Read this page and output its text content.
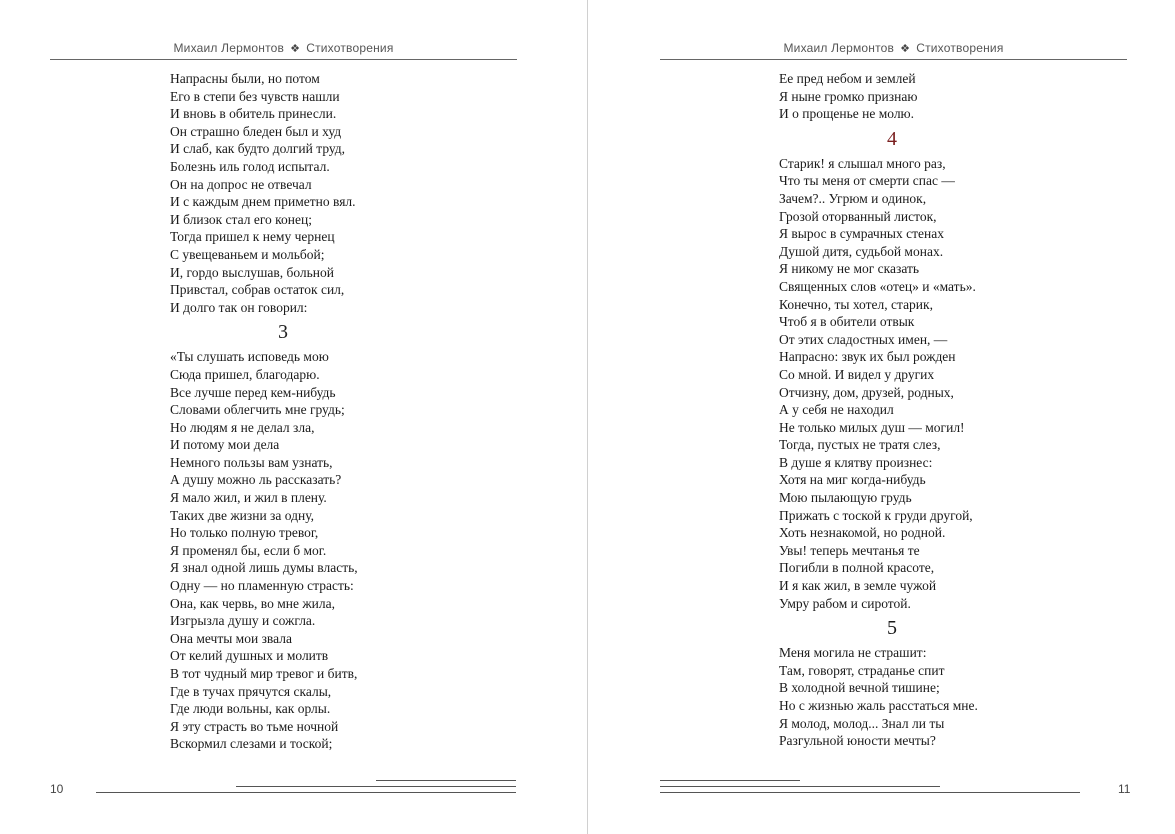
Михаил Лермонтов ❖ Стихотворения
Напрасны были, но потом
Его в степи без чувств нашли
И вновь в обитель принесли.
Он страшно бледен был и худ
И слаб, как будто долгий труд,
Болезнь иль голод испытал.
Он на допрос не отвечал
И с каждым днем приметно вял.
И близок стал его конец;
Тогда пришел к нему чернец
С увещеваньем и мольбой;
И, гордо выслушав, больной
Привстал, собрав остаток сил,
И долго так он говорил:
3
«Ты слушать исповедь мою
Сюда пришел, благодарю.
Все лучше перед кем-нибудь
Словами облегчить мне грудь;
Но людям я не делал зла,
И потому мои дела
Немного пользы вам узнать,
А душу можно ль рассказать?
Я мало жил, и жил в плену.
Таких две жизни за одну,
Но только полную тревог,
Я променял бы, если б мог.
Я знал одной лишь думы власть,
Одну — но пламенную страсть:
Она, как червь, во мне жила,
Изгрызла душу и сожгла.
Она мечты мои звала
От келий душных и молитв
В тот чудный мир тревог и битв,
Где в тучах прячутся скалы,
Где люди вольны, как орлы.
Я эту страсть во тьме ночной
Вскормил слезами и тоской;
10
Михаил Лермонтов ❖ Стихотворения
Ее пред небом и землей
Я ныне громко признаю
И о прощенье не молю.
4
Старик! я слышал много раз,
Что ты меня от смерти спас —
Зачем?.. Угрюм и одинок,
Грозой оторванный листок,
Я вырос в сумрачных стенах
Душой дитя, судьбой монах.
Я никому не мог сказать
Священных слов «отец» и «мать».
Конечно, ты хотел, старик,
Чтоб я в обители отвык
От этих сладостных имен, —
Напрасно: звук их был рожден
Со мной. И видел у других
Отчизну, дом, друзей, родных,
А у себя не находил
Не только милых душ — могил!
Тогда, пустых не тратя слез,
В душе я клятву произнес:
Хотя на миг когда-нибудь
Мою пылающую грудь
Прижать с тоской к груди другой,
Хоть незнакомой, но родной.
Увы! теперь мечтанья те
Погибли в полной красоте,
И я как жил, в земле чужой
Умру рабом и сиротой.
5
Меня могила не страшит:
Там, говорят, страданье спит
В холодной вечной тишине;
Но с жизнью жаль расстаться мне.
Я молод, молод... Знал ли ты
Разгульной юности мечты?
11
